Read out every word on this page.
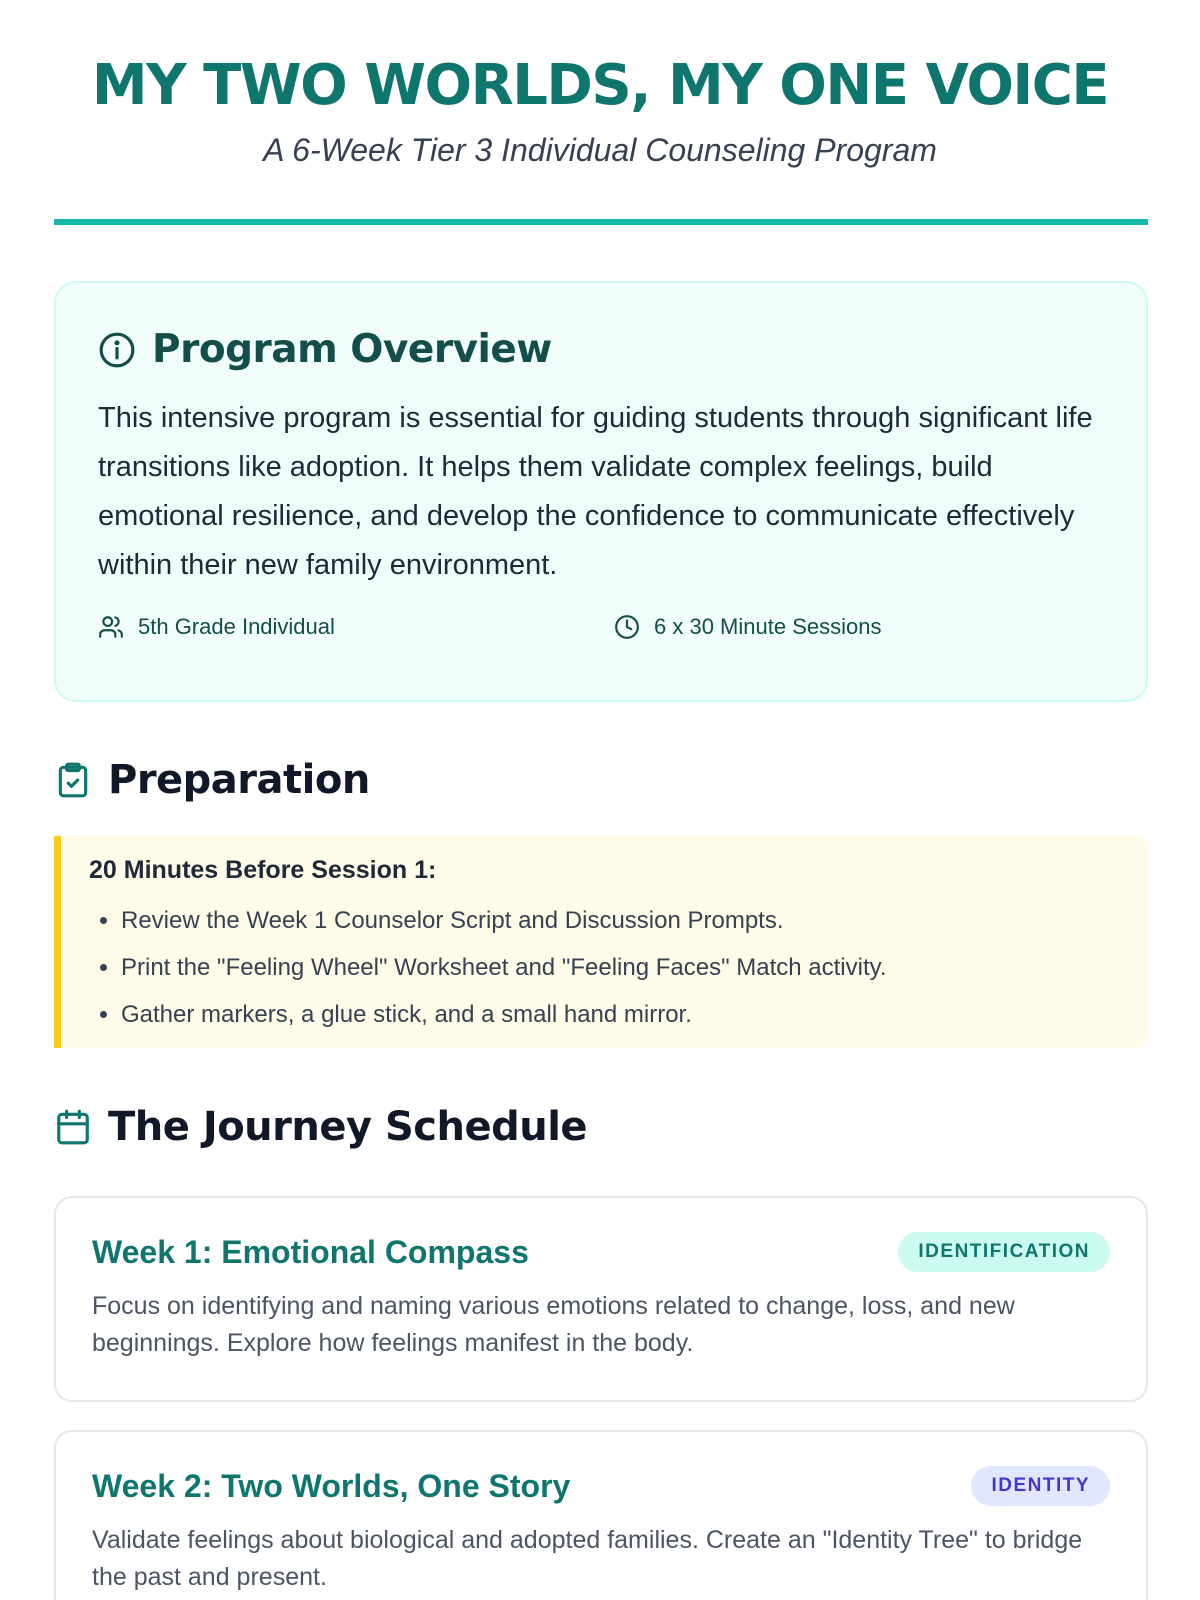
MY TWO WORLDS, MY ONE VOICE
A 6-Week Tier 3 Individual Counseling Program
Program Overview
This intensive program is essential for guiding students through significant life transitions like adoption. It helps them validate complex feelings, build emotional resilience, and develop the confidence to communicate effectively within their new family environment.
5th Grade Individual	6 x 30 Minute Sessions
Preparation
20 Minutes Before Session 1:
• Review the Week 1 Counselor Script and Discussion Prompts.
• Print the "Feeling Wheel" Worksheet and "Feeling Faces" Match activity.
• Gather markers, a glue stick, and a small hand mirror.
The Journey Schedule
Week 1: Emotional Compass	IDENTIFICATION
Focus on identifying and naming various emotions related to change, loss, and new beginnings. Explore how feelings manifest in the body.
Week 2: Two Worlds, One Story	IDENTITY
Validate feelings about biological and adopted families. Create an "Identity Tree" to bridge the past and present.
